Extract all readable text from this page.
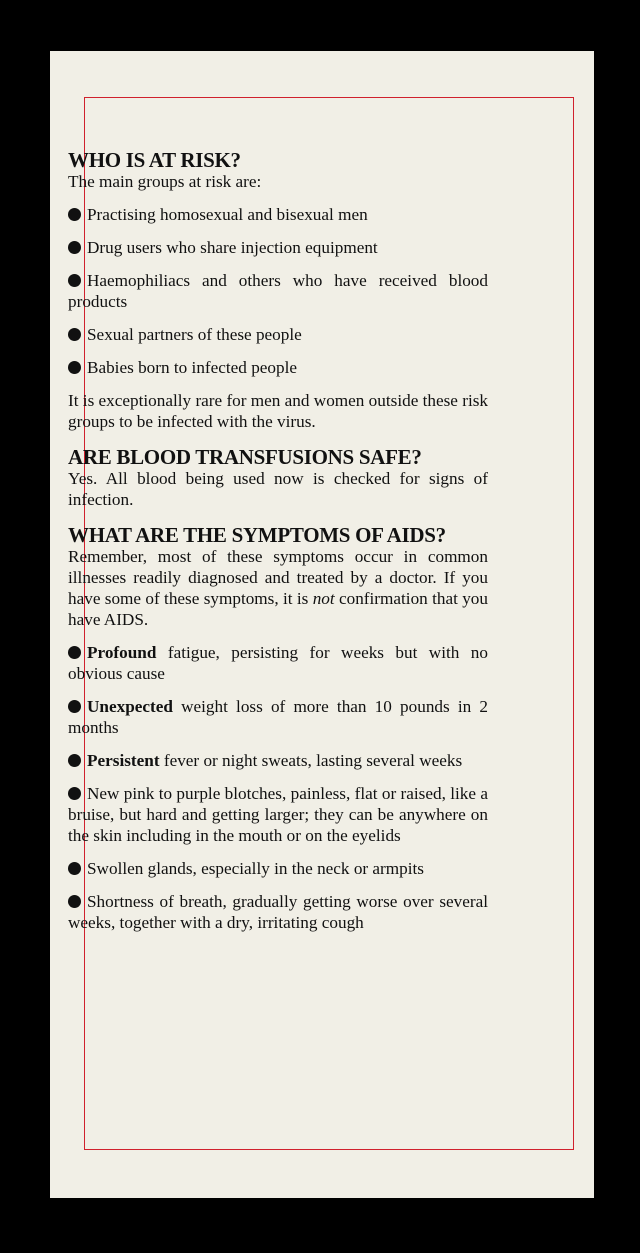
WHO IS AT RISK?

The main groups at risk are:

Practising homosexual and bisexual men

Drug users who share injection equipment

Haemophiliacs and others who have received blood products

Sexual partners of these people

Babies born to infected people

It is exceptionally rare for men and women outside these risk groups to be infected with the virus.

ARE BLOOD TRANSFUSIONS SAFE?

Yes. All blood being used now is checked for signs of infection.

WHAT ARE THE SYMPTOMS OF AIDS?

Remember, most of these symptoms occur in common illnesses readily diagnosed and treated by a doctor. If you have some of these symptoms, it is not confirmation that you have AIDS.

Profound fatigue, persisting for weeks but with no obvious cause

Unexpected weight loss of more than 10 pounds in 2 months

Persistent fever or night sweats, lasting several weeks

New pink to purple blotches, painless, flat or raised, like a bruise, but hard and getting larger; they can be anywhere on the skin including in the mouth or on the eyelids

Swollen glands, especially in the neck or armpits

Shortness of breath, gradually getting worse over several weeks, together with a dry, irritating cough
